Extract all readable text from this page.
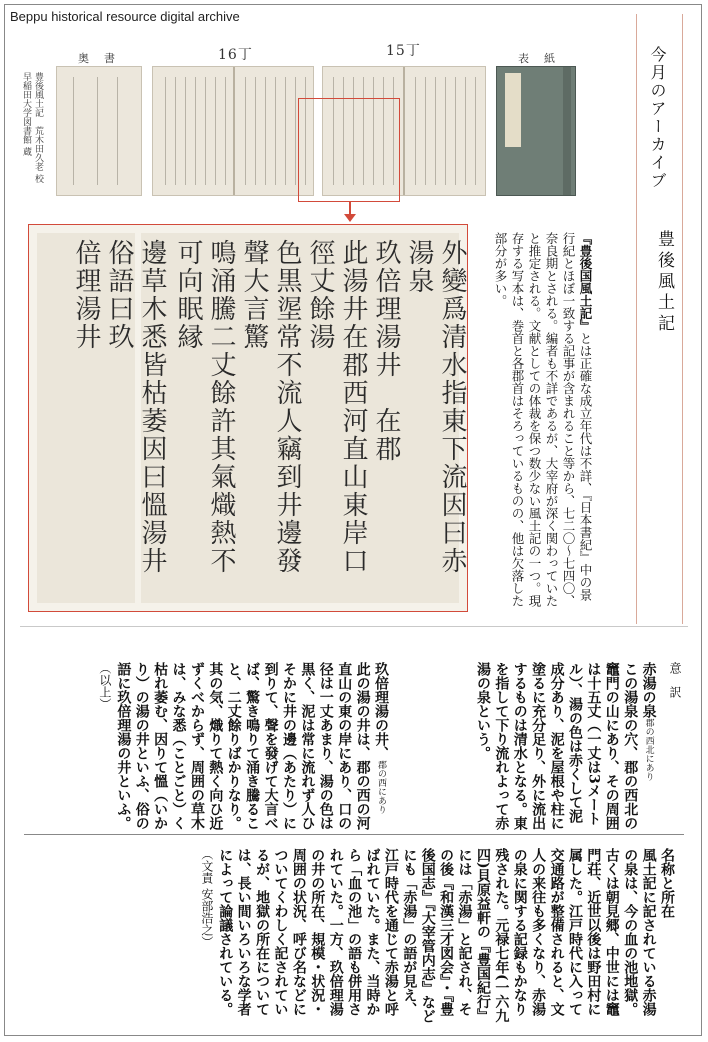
Beppu historical resource digital archive
奥　書	16丁	15丁	表　紙
豊後風土記　荒木田久老 校
早稲田大学図書館 蔵
外變爲清水指東下流因曰赤湯泉
玖倍理湯井　在郡
此湯井在郡西河直山東岸口徑丈餘湯
色黒埿常不流人竊到井邊發聲大言驚
鳴涌騰二丈餘許其氣熾熱不可向眠縁
邊草木悉皆枯萎因曰慍湯井俗語曰玖
倍理湯井
今月のアーカイブ
豊後風土記
『豊後国風土記』とは正確な成立年代は不詳、『日本書紀』中の景行紀とほぼ一致する記事が含まれること等から、七二〇〜七四〇、奈良期とされる。編者も不詳であるが、大宰府が深く関わっていたと推定される。文献としての体裁を保つ数少ない風土記の一つ。現存する写本は、巻首と各郡首はそろっているものの、他は欠落した部分が多い。
意　訳
赤湯の泉郡の西北にあり
この湯泉の穴、郡の西北の竈門の山にあり、その周囲は十五丈（一丈は3メートル）、湯の色は赤くして泥成分あり、泥を屋根や柱に塗るに充分足り、外に流出するものは清水となる。東を指して下り流れよって赤湯の泉という。
玖倍理湯の井、郡の西にあり
此の湯の井は、郡の西の河直山の東の岸にあり、口の径は一丈あまり、湯の色は黒く、泥は常に流れず人ひそかに井の邊（あたり）に到りて、聲を發げて大言べば、驚き鳴りて涌き騰ること、二丈餘りばかりなり。其の気、熾りて熱く向ひ近ずくべからず、周囲の草木は、みな悉（ことごと）く枯れ萎む、因りて慍（いかり）の湯の井といふ、俗の語に玖倍理湯の井といふ。
（以上）
名称と所在
風土記に記されている赤湯の泉は、今の血の池地獄。古くは朝見郷、中世には竈門荘、近世以後は野田村に属した。江戸時代に入って交通路が整備されると、文人の来往も多くなり、赤湯の泉に関する記録もかなり残された。元禄七年(一六九四)貝原益軒の『豊国紀行』には「赤湯」と記され、その後『和漢三才図会』・『豊後国志』『大宰管内志』などにも「赤湯」の語が見え、江戸時代を通じて赤湯と呼ばれていた。また、当時から「血の池」の語も併用されていた。一方、玖倍理湯の井の所在、規模・状況・周囲の状況、呼び名などについてくわしく記されているが、地獄の所在については、長い間いろいろな学者によって論議されている。
（文責 安部浩之）
